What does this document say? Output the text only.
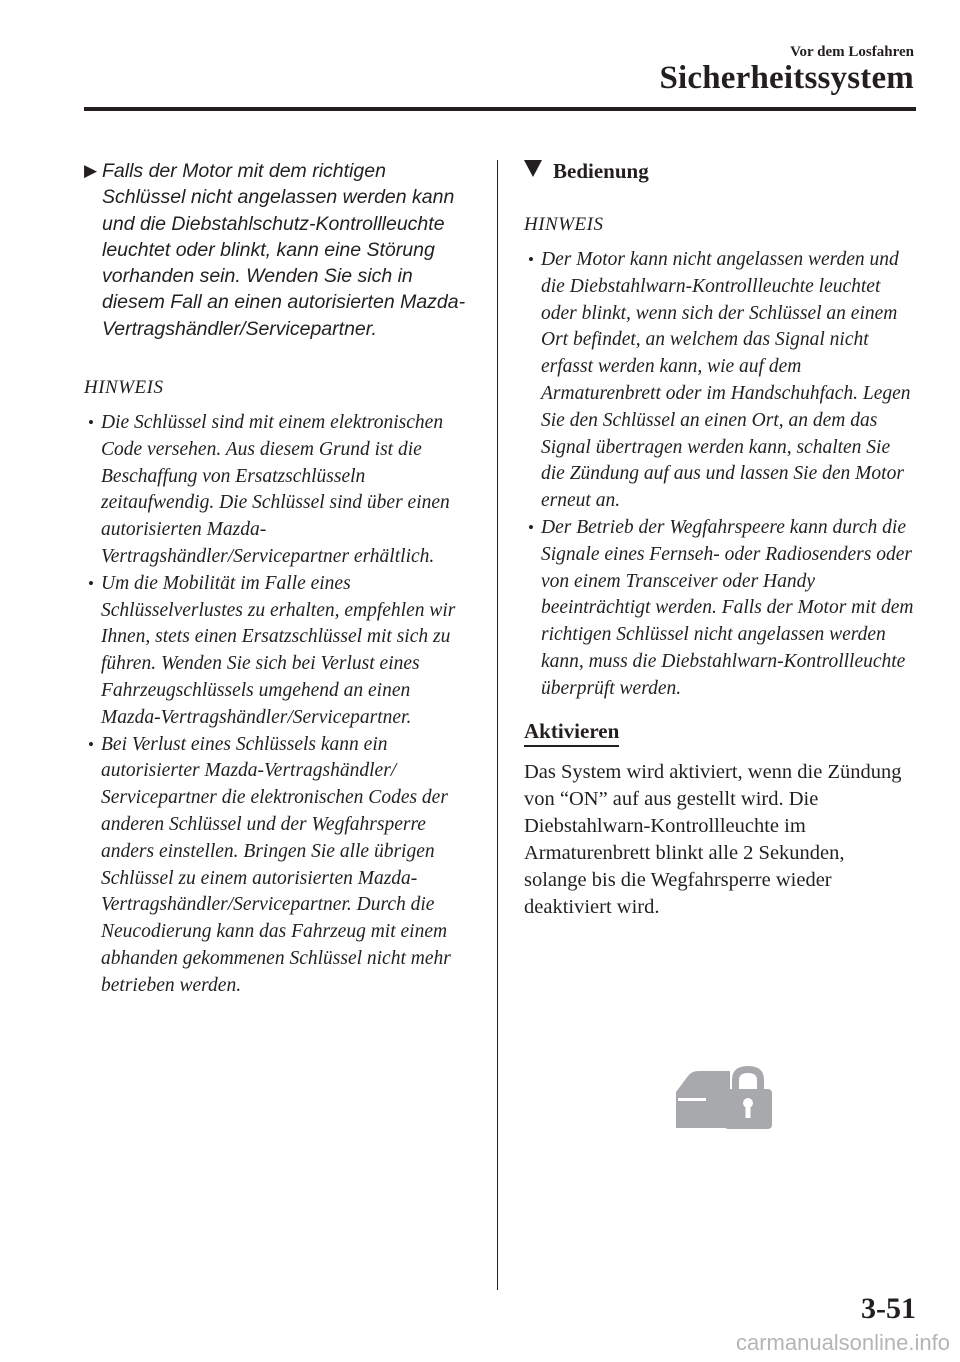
Vor dem Losfahren
Sicherheitssystem
▶ Falls der Motor mit dem richtigen Schlüssel nicht angelassen werden kann und die Diebstahlschutz-Kontrollleuchte leuchtet oder blinkt, kann eine Störung vorhanden sein. Wenden Sie sich in diesem Fall an einen autorisierten Mazda-Vertragshändler/Servicepartner.
HINWEIS
• Die Schlüssel sind mit einem elektronischen Code versehen. Aus diesem Grund ist die Beschaffung von Ersatzschlüsseln zeitaufwendig. Die Schlüssel sind über einen autorisierten Mazda-Vertragshändler/Servicepartner erhältlich.
• Um die Mobilität im Falle eines Schlüsselverlustes zu erhalten, empfehlen wir Ihnen, stets einen Ersatzschlüssel mit sich zu führen. Wenden Sie sich bei Verlust eines Fahrzeugschlüssels umgehend an einen Mazda-Vertragshändler/Servicepartner.
• Bei Verlust eines Schlüssels kann ein autorisierter Mazda-Vertragshändler/ Servicepartner die elektronischen Codes der anderen Schlüssel und der Wegfahrsperre anders einstellen. Bringen Sie alle übrigen Schlüssel zu einem autorisierten Mazda-Vertragshändler/Servicepartner. Durch die Neucodierung kann das Fahrzeug mit einem abhanden gekommenen Schlüssel nicht mehr betrieben werden.
Bedienung
HINWEIS
• Der Motor kann nicht angelassen werden und die Diebstahlwarn-Kontrollleuchte leuchtet oder blinkt, wenn sich der Schlüssel an einem Ort befindet, an welchem das Signal nicht erfasst werden kann, wie auf dem Armaturenbrett oder im Handschuhfach. Legen Sie den Schlüssel an einen Ort, an dem das Signal übertragen werden kann, schalten Sie die Zündung auf aus und lassen Sie den Motor erneut an.
• Der Betrieb der Wegfahrspeere kann durch die Signale eines Fernseh- oder Radiosenders oder von einem Transceiver oder Handy beeinträchtigt werden. Falls der Motor mit dem richtigen Schlüssel nicht angelassen werden kann, muss die Diebstahlwarn-Kontrollleuchte überprüft werden.
Aktivieren
Das System wird aktiviert, wenn die Zündung von “ON” auf aus gestellt wird. Die Diebstahlwarn-Kontrollleuchte im Armaturenbrett blinkt alle 2 Sekunden, solange bis die Wegfahrsperre wieder deaktiviert wird.
3-51
carmanualsonline.info
